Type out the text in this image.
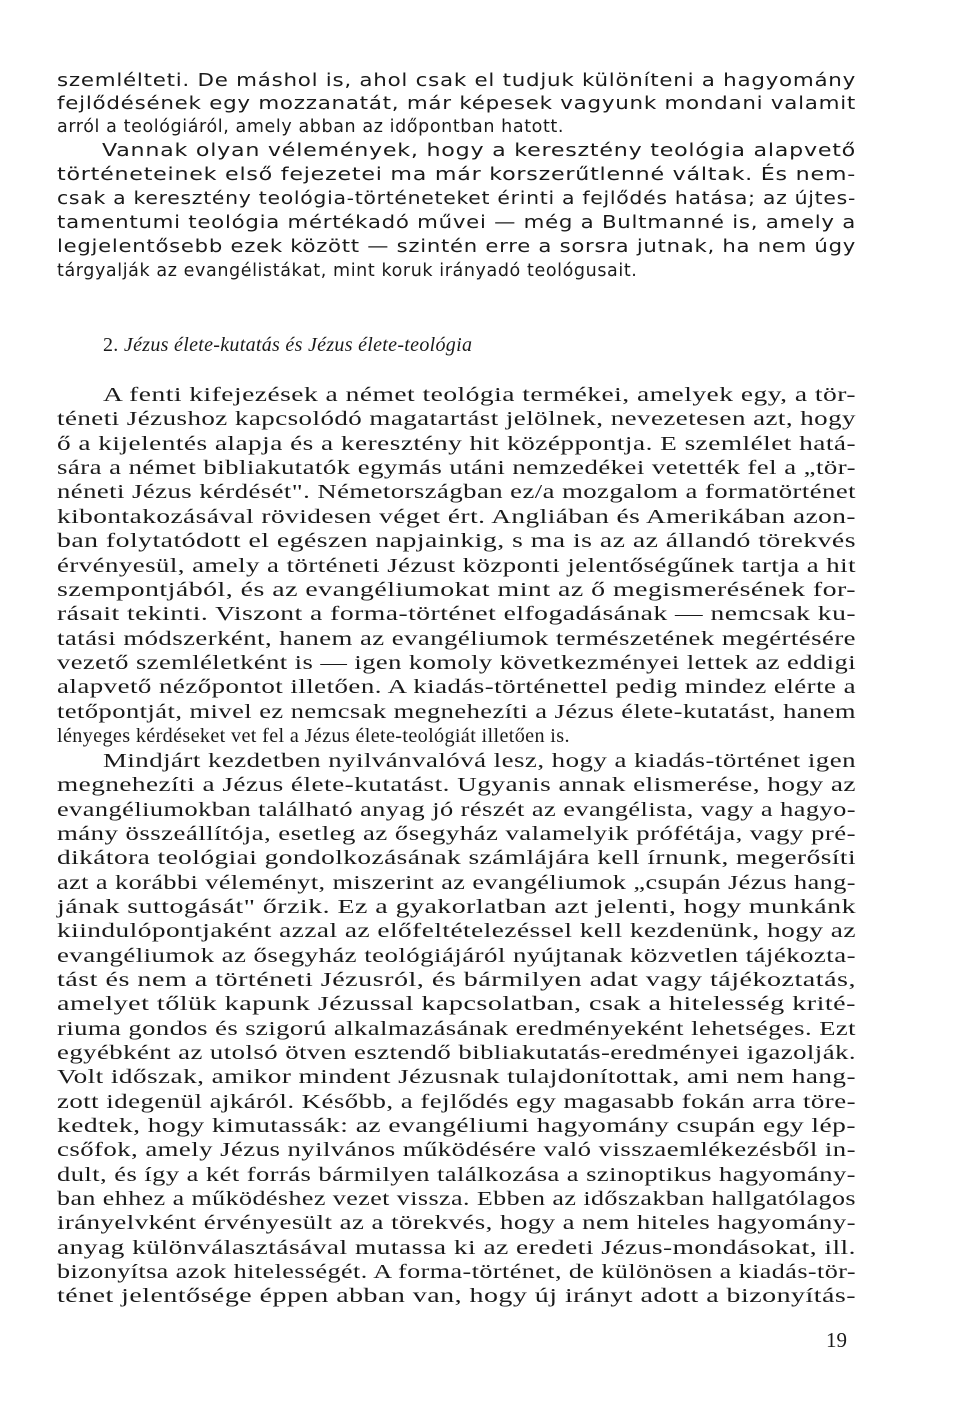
szemlélteti. De máshol is, ahol csak el tudjuk különíteni a hagyomány
fejlődésének egy mozzanatát, már képesek vagyunk mondani valamit
arról a teológiáról, amely abban az időpontban hatott.
Vannak olyan vélemények, hogy a keresztény teológia alapvető
történeteinek első fejezetei ma már korszerűtlenné váltak. És nem-
csak a keresztény teológia-történeteket érinti a fejlődés hatása; az újtes-
tamentumi teológia mértékadó művei — még a Bultmanné is, amely a
legjelentősebb ezek között — szintén erre a sorsra jutnak, ha nem úgy
tárgyalják az evangélistákat, mint koruk irányadó teológusait.
2. Jézus élete-kutatás és Jézus élete-teológia
A fenti kifejezések a német teológia termékei, amelyek egy, a tör-
téneti Jézushoz kapcsolódó magatartást jelölnek, nevezetesen azt, hogy
ő a kijelentés alapja és a keresztény hit középpontja. E szemlélet hatá-
sára a német bibliakutatók egymás utáni nemzedékei vetették fel a „tör-
néneti Jézus kérdését". Németországban ez/a mozgalom a formatörténet
kibontakozásával rövidesen véget ért. Angliában és Amerikában azon-
ban folytatódott el egészen napjainkig, s ma is az az állandó törekvés
érvényesül, amely a történeti Jézust központi jelentőségűnek tartja a hit
szempontjából, és az evangéliumokat mint az ő megismerésének for-
rásait tekinti. Viszont a forma-történet elfogadásának — nemcsak ku-
tatási módszerként, hanem az evangéliumok természetének megértésére
vezető szemléletként is — igen komoly következményei lettek az eddigi
alapvető nézőpontot illetően. A kiadás-történettel pedig mindez elérte a
tetőpontját, mivel ez nemcsak megnehezíti a Jézus élete-kutatást, hanem
lényeges kérdéseket vet fel a Jézus élete-teológiát illetően is.
Mindjárt kezdetben nyilvánvalóvá lesz, hogy a kiadás-történet igen
megnehezíti a Jézus élete-kutatást. Ugyanis annak elismerése, hogy az
evangéliumokban található anyag jó részét az evangélista, vagy a hagyo-
mány összeállítója, esetleg az ősegyház valamelyik prófétája, vagy pré-
dikátora teológiai gondolkozásának számlájára kell írnunk, megerősíti
azt a korábbi véleményt, miszerint az evangéliumok „csupán Jézus hang-
jának suttogását" őrzik. Ez a gyakorlatban azt jelenti, hogy munkánk
kiindulópontjaként azzal az előfeltételezéssel kell kezdenünk, hogy az
evangéliumok az ősegyház teológiájáról nyújtanak közvetlen tájékozta-
tást és nem a történeti Jézusról, és bármilyen adat vagy tájékoztatás,
amelyet tőlük kapunk Jézussal kapcsolatban, csak a hitelesség krité-
riuma gondos és szigorú alkalmazásának eredményeként lehetséges. Ezt
egyébként az utolsó ötven esztendő bibliakutatás-eredményei igazolják.
Volt időszak, amikor mindent Jézusnak tulajdonítottak, ami nem hang-
zott idegenül ajkáról. Később, a fejlődés egy magasabb fokán arra töre-
kedtek, hogy kimutassák: az evangéliumi hagyomány csupán egy lép-
csőfok, amely Jézus nyilvános működésére való visszaemlékezésből in-
dult, és így a két forrás bármilyen találkozása a szinoptikus hagyomány-
ban ehhez a működéshez vezet vissza. Ebben az időszakban hallgatólagos
irányelvként érvényesült az a törekvés, hogy a nem hiteles hagyomány-
anyag különválasztásával mutassa ki az eredeti Jézus-mondásokat, ill.
bizonyítsa azok hitelességét. A forma-történet, de különösen a kiadás-tör-
ténet jelentősége éppen abban van, hogy új irányt adott a bizonyítás-
19
